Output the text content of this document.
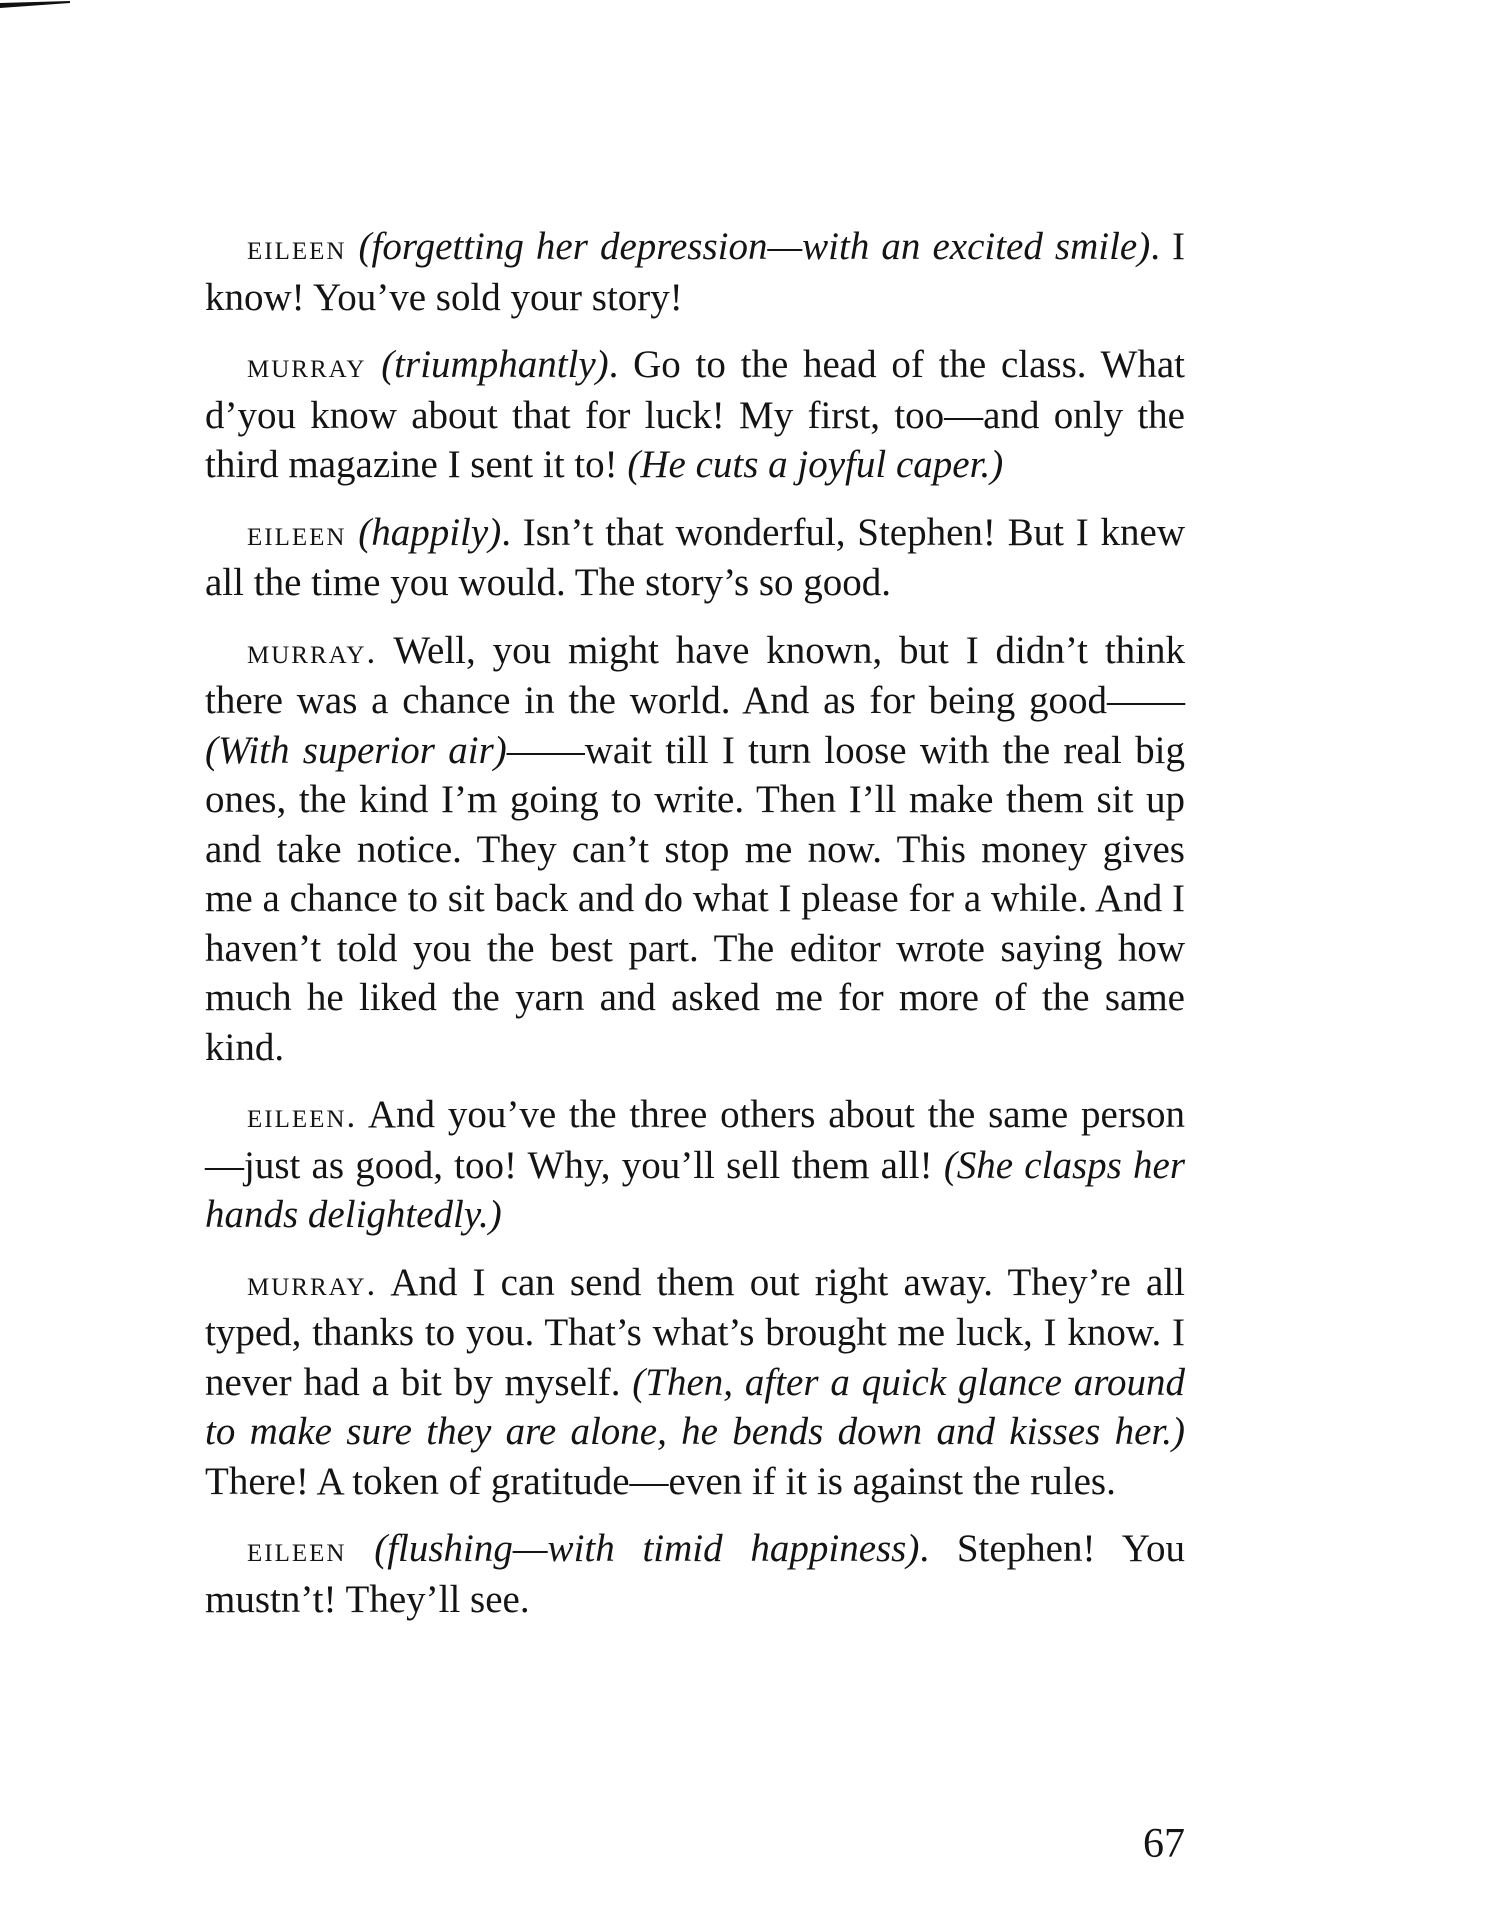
eileen (forgetting her depression—with an excited smile). I know! You’ve sold your story!

murray (triumphantly). Go to the head of the class. What d’you know about that for luck! My first, too—and only the third magazine I sent it to! (He cuts a joyful caper.)

eileen (happily). Isn’t that wonderful, Stephen! But I knew all the time you would. The story’s so good.

murray. Well, you might have known, but I didn’t think there was a chance in the world. And as for being good—— (With superior air)——wait till I turn loose with the real big ones, the kind I’m going to write. Then I’ll make them sit up and take notice. They can’t stop me now. This money gives me a chance to sit back and do what I please for a while. And I haven’t told you the best part. The editor wrote saying how much he liked the yarn and asked me for more of the same kind.

eileen. And you’ve the three others about the same person—just as good, too! Why, you’ll sell them all! (She clasps her hands delightedly.)

murray. And I can send them out right away. They’re all typed, thanks to you. That’s what’s brought me luck, I know. I never had a bit by myself. (Then, after a quick glance around to make sure they are alone, he bends down and kisses her.) There! A token of gratitude—even if it is against the rules.

eileen (flushing—with timid happiness). Stephen! You mustn’t! They’ll see.

67
